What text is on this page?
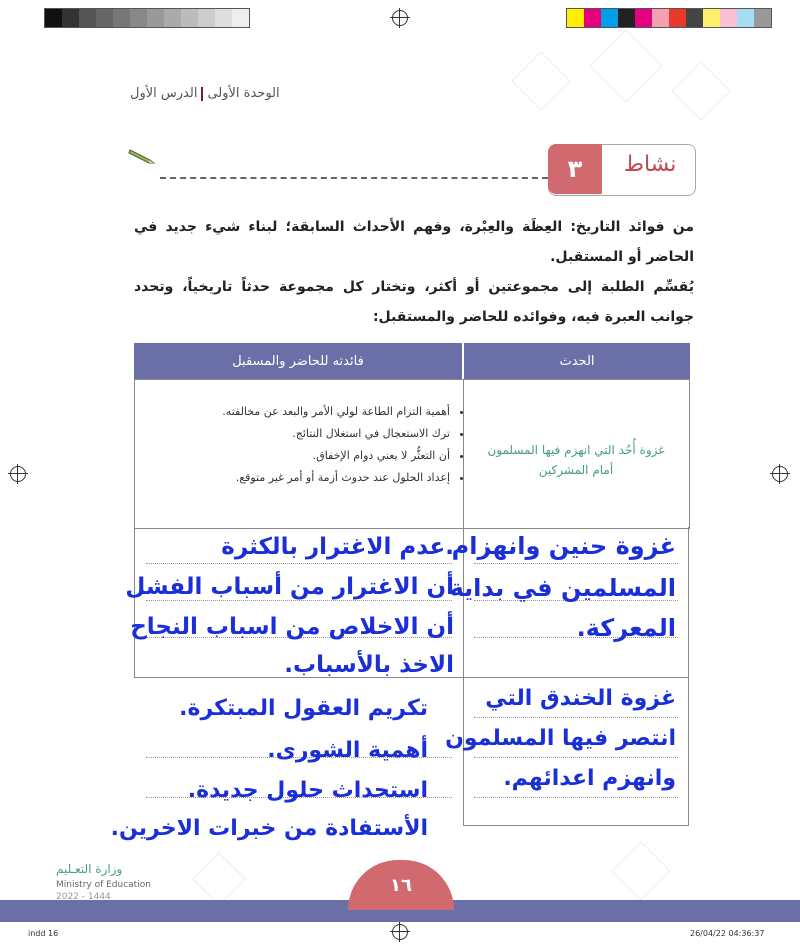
الوحدة الأولىالدرس الأول
٣	نشاط
من فوائد التاريخ: العِظَة والعِبْرة، وفهم الأحداث السابقة؛ لبناء شيء جديد في الحاضر أو المستقبل.
يُقسِّم الطلبة إلى مجموعتين أو أكثر، وتختار كل مجموعة حدثاً تاريخياً، وتحدد جوانب العبرة فيه، وفوائده للحاضر والمستقبل:
الحدث
فائدته للحاضر والمسقبل
غزوة أُحُد التي انهزم فيها المسلمون أمام المشركين
• أهمية التزام الطاعة لولي الأمر والبعد عن مخالفته.
• ترك الاستعجال في استغلال النتائج.
• أن التعثُّر لا يعني دوام الإخفاق.
• إعداد الحلول عند حدوث أزمة أو أمر غير متوقع.
غزوة حنين وانهزام
المسلمين في بداية
المعركة.
.عدم الاغترار بالكثرة
أن الاغترار من أسباب الفشل
أن الاخلاص من اسباب النجاح
الاخذ بالأسباب.
غزوة الخندق التي
انتصر فيها المسلمون
وانهزم اعدائهم.
تكريم العقول المبتكرة.
أهمية الشورى.
استحداث حلول جديدة.
الأستفادة من خبرات الاخرين.
١٦
وزارة التعـليم
Ministry of Education
2022 - 1444
indd 16	26/04/22 04:36:37
